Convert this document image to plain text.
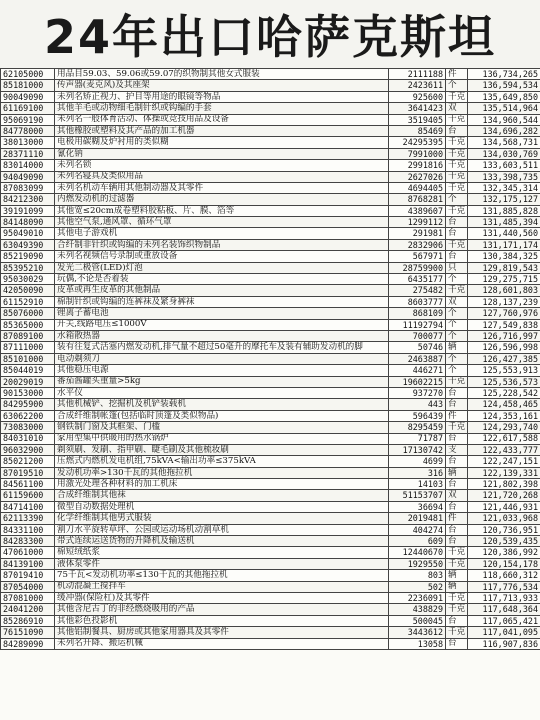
24年出口哈萨克斯坦
62105000	用品目59.03、59.06或59.07的织物制其他女式服装	2111188	件	136,734,265
85181000	传声器(麦克风)及其座架	2423611	个	136,594,534
90049090	未列名矫正视力、护目等用途的眼镜等物品	925600	千克	135,649,850
61169100	其他羊毛或动物细毛制针织或钩编的手套	3641423	双	135,514,964
95069190	未列名一般体育活动、体操或竞技用品及设备	3519405	千克	134,960,544
84778000	其他橡胶或塑料及其产品的加工机器	85469	台	134,696,282
38013000	电极用碳糊及炉衬用的类似糊	24295395	千克	134,568,731
28371110	氰化钠	7991000	千克	134,030,769
83014000	未列名锁	2991816	千克	133,603,511
94049090	未列名寝具及类似用品	2627026	千克	133,398,735
87083099	未列名机动车辆用其他制动器及其零件	4694405	千克	132,345,314
84212300	内燃发动机的过滤器	8768281	个	132,175,127
39191099	其他宽≤20cm成卷塑料胶粘板、片、膜、箔等	4389607	千克	131,885,828
84148090	其他空气泵,通风罩、循环气罩	1299112	台	131,485,394
95049010	其他电子游戏机	291981	台	131,440,560
63049390	合纤制非针织或钩编的未列名装饰织物制品	2832906	千克	131,171,174
85219090	未列名视频信号录制或重放设备	567971	台	130,384,325
85395210	发光二极管(LED)灯泡	28759900	只	129,819,543
95030029	玩偶,不论是否着装	6435177	个	129,275,715
42050090	皮革或再生皮革的其他制品	275482	千克	128,601,803
61152910	棉制针织或钩编的连裤袜及紧身裤袜	8603777	双	128,137,239
85076000	锂离子蓄电池	868109	个	127,760,976
85365000	开关,线路电压≤1000V	11192794	个	127,549,838
87089100	水箱散热器	700077	个	126,716,997
87111000	装有往复式活塞内燃发动机,排气量不超过50毫升的摩托车及装有辅助发动机的脚	50746	辆	126,596,998
85101000	电动剃须刀	2463887	个	126,427,385
85044019	其他稳压电源	446271	个	125,553,913
20029019	番茄酱罐头重量>5kg	19602215	千克	125,536,573
90153000	水平仪	937270	台	125,228,542
84295900	其他机械铲、挖掘机及机铲装载机	443	台	124,458,465
63062200	合成纤维制帐篷(包括临时顶篷及类似物品)	596439	件	124,353,161
73083000	钢铁制门窗及其框架、门槛	8295459	千克	124,293,740
84031010	家用型集中供暖用的热水锅炉	71787	台	122,617,588
96032900	剃须刷、发刷、指甲刷、睫毛刷及其他梳妆刷	17130742	支	122,433,777
85021200	压燃式内燃机发电机组,75kVA<输出功率≤375kVA	4699	台	122,247,151
87019510	发动机功率>130千瓦的其他拖拉机	316	辆	122,139,331
84561100	用激光处理各种材料的加工机床	14103	台	121,802,398
61159600	合成纤维制其他袜	51153707	双	121,720,268
84714100	微型自动数据处理机	36694	台	121,446,931
62113390	化学纤维制其他男式服装	2019481	件	121,033,968
84331100	割刀水平旋转草坪、公园或运动场机动割草机	404274	台	120,736,951
84283300	带式连续运送货物的升降机及输送机	609	台	120,539,435
47061000	棉短绒纸浆	12440670	千克	120,386,992
84139100	液体泵零件	1929550	千克	120,154,178
87019410	75千瓦<发动机功率≤130千瓦的其他拖拉机	803	辆	118,660,312
87054000	机动混凝土搅拌车	502	辆	117,776,534
87081000	缓冲器(保险杠)及其零件	2236091	千克	117,713,933
24041200	其他含尼古丁的非经燃烧吸用的产品	438829	千克	117,648,364
85286910	其他彩色投影机	500045	台	117,065,421
76151090	其他铝制餐具、厨房或其他家用器具及其零件	3443612	千克	117,041,095
84289090	未列名升降、搬运机械	13058	台	116,907,836
